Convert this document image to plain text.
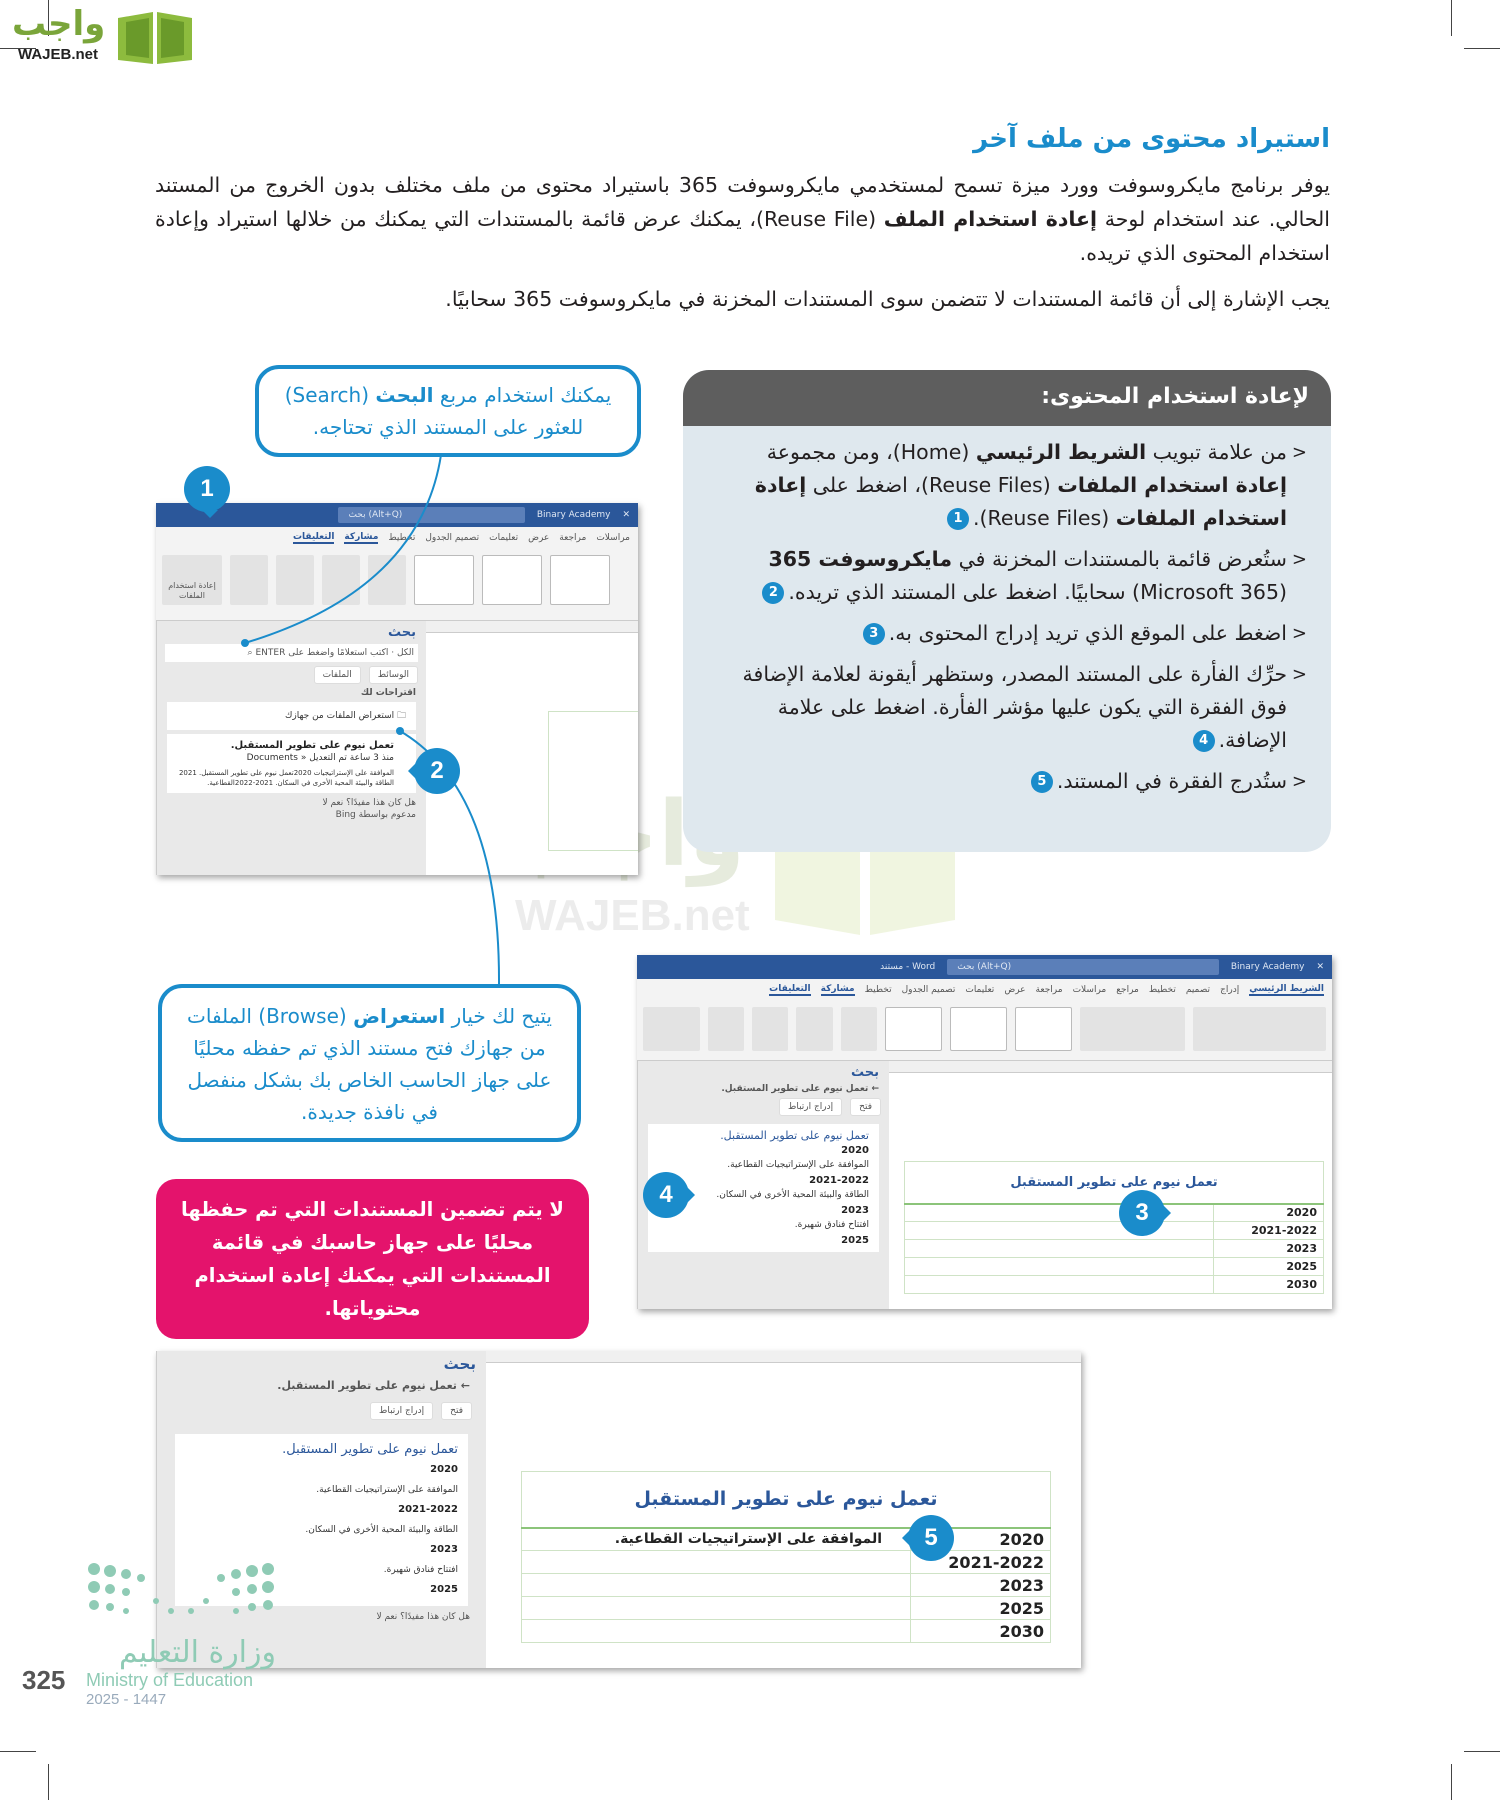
واجب
WAJEB.net
WAJEB.net
استيراد محتوى من ملف آخر

يوفر برنامج مايكروسوفت وورد ميزة تسمح لمستخدمي مايكروسوفت 365 باستيراد محتوى من ملف مختلف بدون الخروج من المستند الحالي. عند استخدام لوحة إعادة استخدام الملف (Reuse File)، يمكنك عرض قائمة بالمستندات التي يمكنك من خلالها استيراد وإعادة استخدام المحتوى الذي تريده.

يجب الإشارة إلى أن قائمة المستندات لا تتضمن سوى المستندات المخزنة في مايكروسوفت 365 سحابيًا.

لإعادة استخدام المحتوى:
< من علامة تبويب الشريط الرئيسي (Home)، ومن مجموعة إعادة استخدام الملفات (Reuse Files)، اضغط على إعادة استخدام الملفات (Reuse Files).1
< ستُعرض قائمة بالمستندات المخزنة في مايكروسوفت 365 (Microsoft 365) سحابيًا. اضغط على المستند الذي تريده.2
< اضغط على الموقع الذي تريد إدراج المحتوى به.3
< حرِّك الفأرة على المستند المصدر، وستظهر أيقونة لعلامة الإضافة فوق الفقرة التي يكون عليها مؤشر الفأرة. اضغط على علامة الإضافة.4
< ستُدرج الفقرة في المستند.5
يمكنك استخدام مربع البحث (Search) للعثور على المستند الذي تحتاجه.
يتيح لك خيار استعراض (Browse) الملفات من جهازك فتح مستند الذي تم حفظه محليًا على جهاز الحاسب الخاص بك بشكل منفصل في نافذة جديدة.
لا يتم تضمين المستندات التي تم حفظها محليًا على جهاز حاسبك في قائمة المستندات التي يمكنك إعادة استخدام محتوياتها.
✕
Binary Academy
بحث (Alt+Q)
مراسلات
مراجعة
عرض
تعليمات
تصميم الجدول
تخطيط
مشاركة
التعليقات
إعادة استخدام الملفات
بحث
الكل · اكتب استعلامًا واضغط على ENTER ⌕
الوسائطالملفات
اقتراحات لك
🗀 استعراض الملفات من جهازك
تعمل نيوم على تطوير المستقبل.
منذ 3 ساعة تم التعديل « Documents
الموافقة على الإستراتيجيات 2020تعمل نيوم على تطوير المستقبل. 2021 الطاقة والبيئة المحية الأخرى في السكان. 2021-2022القطاعية.
هل كان هذا مفيدًا؟ نعم لا
مدعوم بواسطة Bing
✕
Binary Academy
بحث (Alt+Q)
Word - مستند
الشريط الرئيسي
إدراج
تصميم
تخطيط
مراجع
مراسلات
مراجعة
عرض
تعليمات
تصميم الجدول
تخطيط
مشاركة
التعليقات
بحث
← تعمل نيوم على تطوير المستقبل.
فتحإدراج ارتباط
تعمل نيوم على تطوير المستقبل.
2020
الموافقة على الإستراتيجيات القطاعية.
2021-2022
الطاقة والبيئة المحية الأخرى في السكان.
2023
افتتاح فنادق شهيرة.
2025
تعمل نيوم على تطوير المستقبل	
2020	
2021-2022	
2023	
2025	
2030	
بحث
← تعمل نيوم على تطوير المستقبل.
فتحإدراج ارتباط
تعمل نيوم على تطوير المستقبل.
2020
الموافقة على الإستراتيجيات القطاعية.
2021-2022
الطاقة والبيئة المحية الأخرى في السكان.
2023
افتتاح فنادق شهيرة.
2025
هل كان هذا مفيدًا؟ نعم لا
تعمل نيوم على تطوير المستقبل	
2020	الموافقة على الإستراتيجيات القطاعية.
2021-2022	
2023	
2025	
2030	
1
2
3
4
5
وزارة التعليم
Ministry of Education
2025 - 1447
325
